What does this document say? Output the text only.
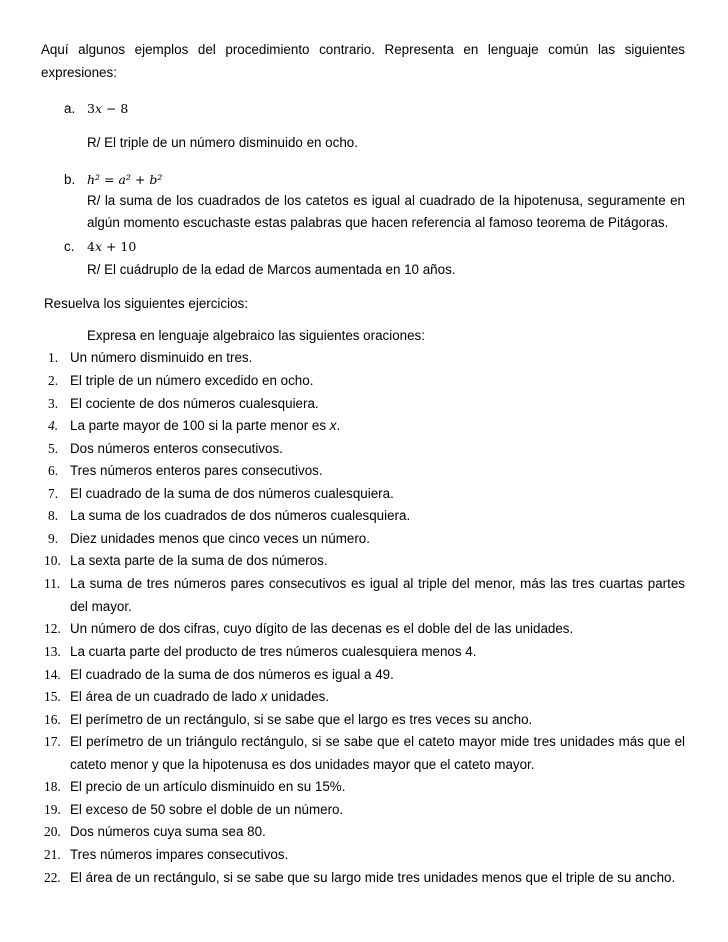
Aquí algunos ejemplos del procedimiento contrario. Representa en lenguaje común las siguientes expresiones:
a. 3x − 8
R/ El triple de un número disminuido en ocho.
b. h² = a² + b²
R/ la suma de los cuadrados de los catetos es igual al cuadrado de la hipotenusa, seguramente en algún momento escuchaste estas palabras que hacen referencia al famoso teorema de Pitágoras.
c. 4x + 10
R/ El cuádruplo de la edad de Marcos aumentada en 10 años.
Resuelva los siguientes ejercicios:
Expresa en lenguaje algebraico las siguientes oraciones:
1. Un número disminuido en tres.
2. El triple de un número excedido en ocho.
3. El cociente de dos números cualesquiera.
4. La parte mayor de 100 si la parte menor es x.
5. Dos números enteros consecutivos.
6. Tres números enteros pares consecutivos.
7. El cuadrado de la suma de dos números cualesquiera.
8. La suma de los cuadrados de dos números cualesquiera.
9. Diez unidades menos que cinco veces un número.
10. La sexta parte de la suma de dos números.
11. La suma de tres números pares consecutivos es igual al triple del menor, más las tres cuartas partes del mayor.
12. Un número de dos cifras, cuyo dígito de las decenas es el doble del de las unidades.
13. La cuarta parte del producto de tres números cualesquiera menos 4.
14. El cuadrado de la suma de dos números es igual a 49.
15. El área de un cuadrado de lado x unidades.
16. El perímetro de un rectángulo, si se sabe que el largo es tres veces su ancho.
17. El perímetro de un triángulo rectángulo, si se sabe que el cateto mayor mide tres unidades más que el cateto menor y que la hipotenusa es dos unidades mayor que el cateto mayor.
18. El precio de un artículo disminuido en su 15%.
19. El exceso de 50 sobre el doble de un número.
20. Dos números cuya suma sea 80.
21. Tres números impares consecutivos.
22. El área de un rectángulo, si se sabe que su largo mide tres unidades menos que el triple de su ancho.
